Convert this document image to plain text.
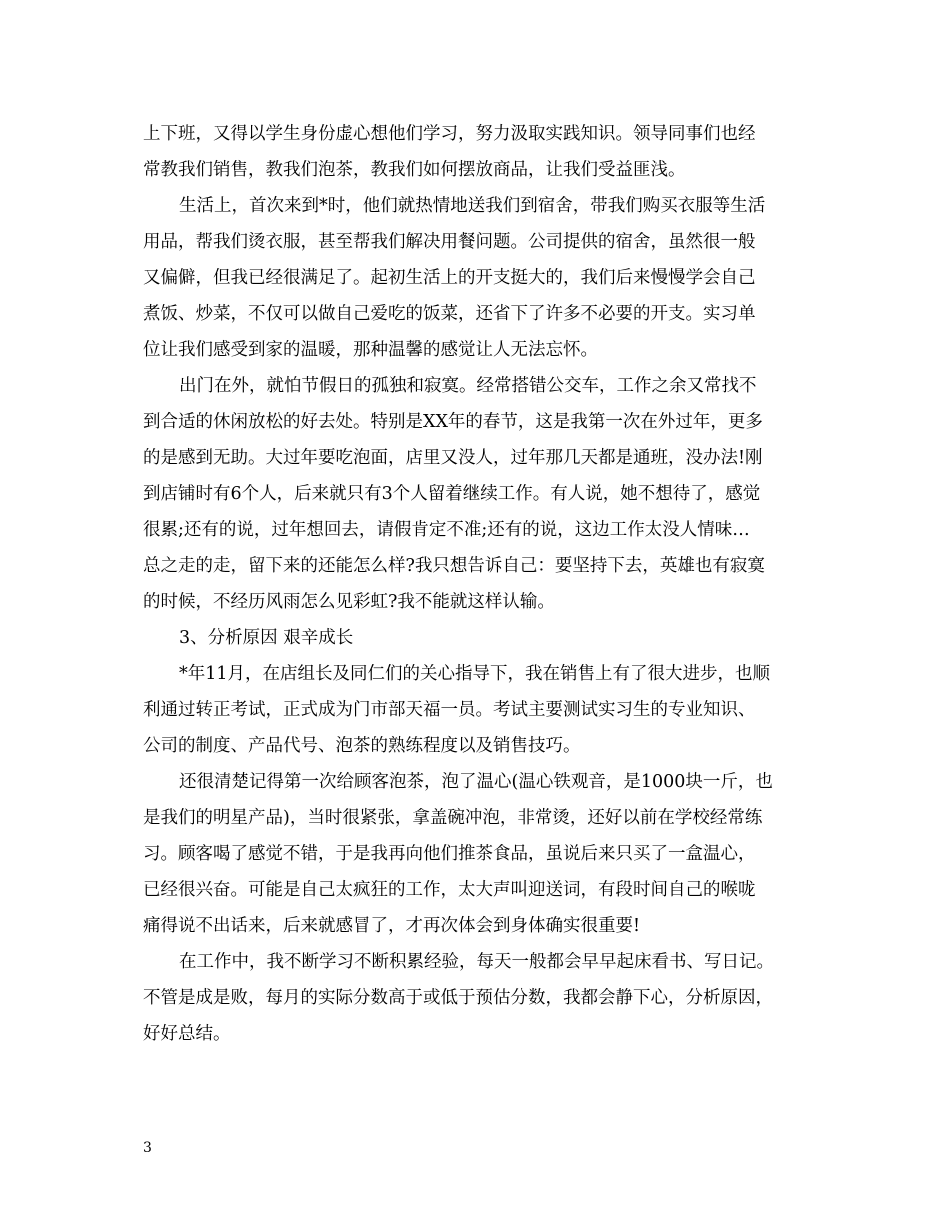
上下班，又得以学生身份虚心想他们学习，努力汲取实践知识。领导同事们也经
常教我们销售，教我们泡茶，教我们如何摆放商品，让我们受益匪浅。
生活上，首次来到*时，他们就热情地送我们到宿舍，带我们购买衣服等生活
用品，帮我们烫衣服，甚至帮我们解决用餐问题。公司提供的宿舍，虽然很一般
又偏僻，但我已经很满足了。起初生活上的开支挺大的，我们后来慢慢学会自己
煮饭、炒菜，不仅可以做自己爱吃的饭菜，还省下了许多不必要的开支。实习单
位让我们感受到家的温暖，那种温馨的感觉让人无法忘怀。
出门在外，就怕节假日的孤独和寂寞。经常搭错公交车，工作之余又常找不
到合适的休闲放松的好去处。特别是XX年的春节，这是我第一次在外过年，更多
的是感到无助。大过年要吃泡面，店里又没人，过年那几天都是通班，没办法!刚
到店铺时有6个人，后来就只有3个人留着继续工作。有人说，她不想待了，感觉
很累;还有的说，过年想回去，请假肯定不准;还有的说，这边工作太没人情味…
总之走的走，留下来的还能怎么样?我只想告诉自己：要坚持下去，英雄也有寂寞
的时候，不经历风雨怎么见彩虹?我不能就这样认输。
3、分析原因 艰辛成长
*年11月，在店组长及同仁们的关心指导下，我在销售上有了很大进步，也顺
利通过转正考试，正式成为门市部天福一员。考试主要测试实习生的专业知识、
公司的制度、产品代号、泡茶的熟练程度以及销售技巧。
还很清楚记得第一次给顾客泡茶，泡了温心(温心铁观音，是1000块一斤，也
是我们的明星产品)，当时很紧张，拿盖碗冲泡，非常烫，还好以前在学校经常练
习。顾客喝了感觉不错，于是我再向他们推茶食品，虽说后来只买了一盒温心，
已经很兴奋。可能是自己太疯狂的工作，太大声叫迎送词，有段时间自己的喉咙
痛得说不出话来，后来就感冒了，才再次体会到身体确实很重要!
在工作中，我不断学习不断积累经验，每天一般都会早早起床看书、写日记。
不管是成是败，每月的实际分数高于或低于预估分数，我都会静下心，分析原因，
好好总结。
3
